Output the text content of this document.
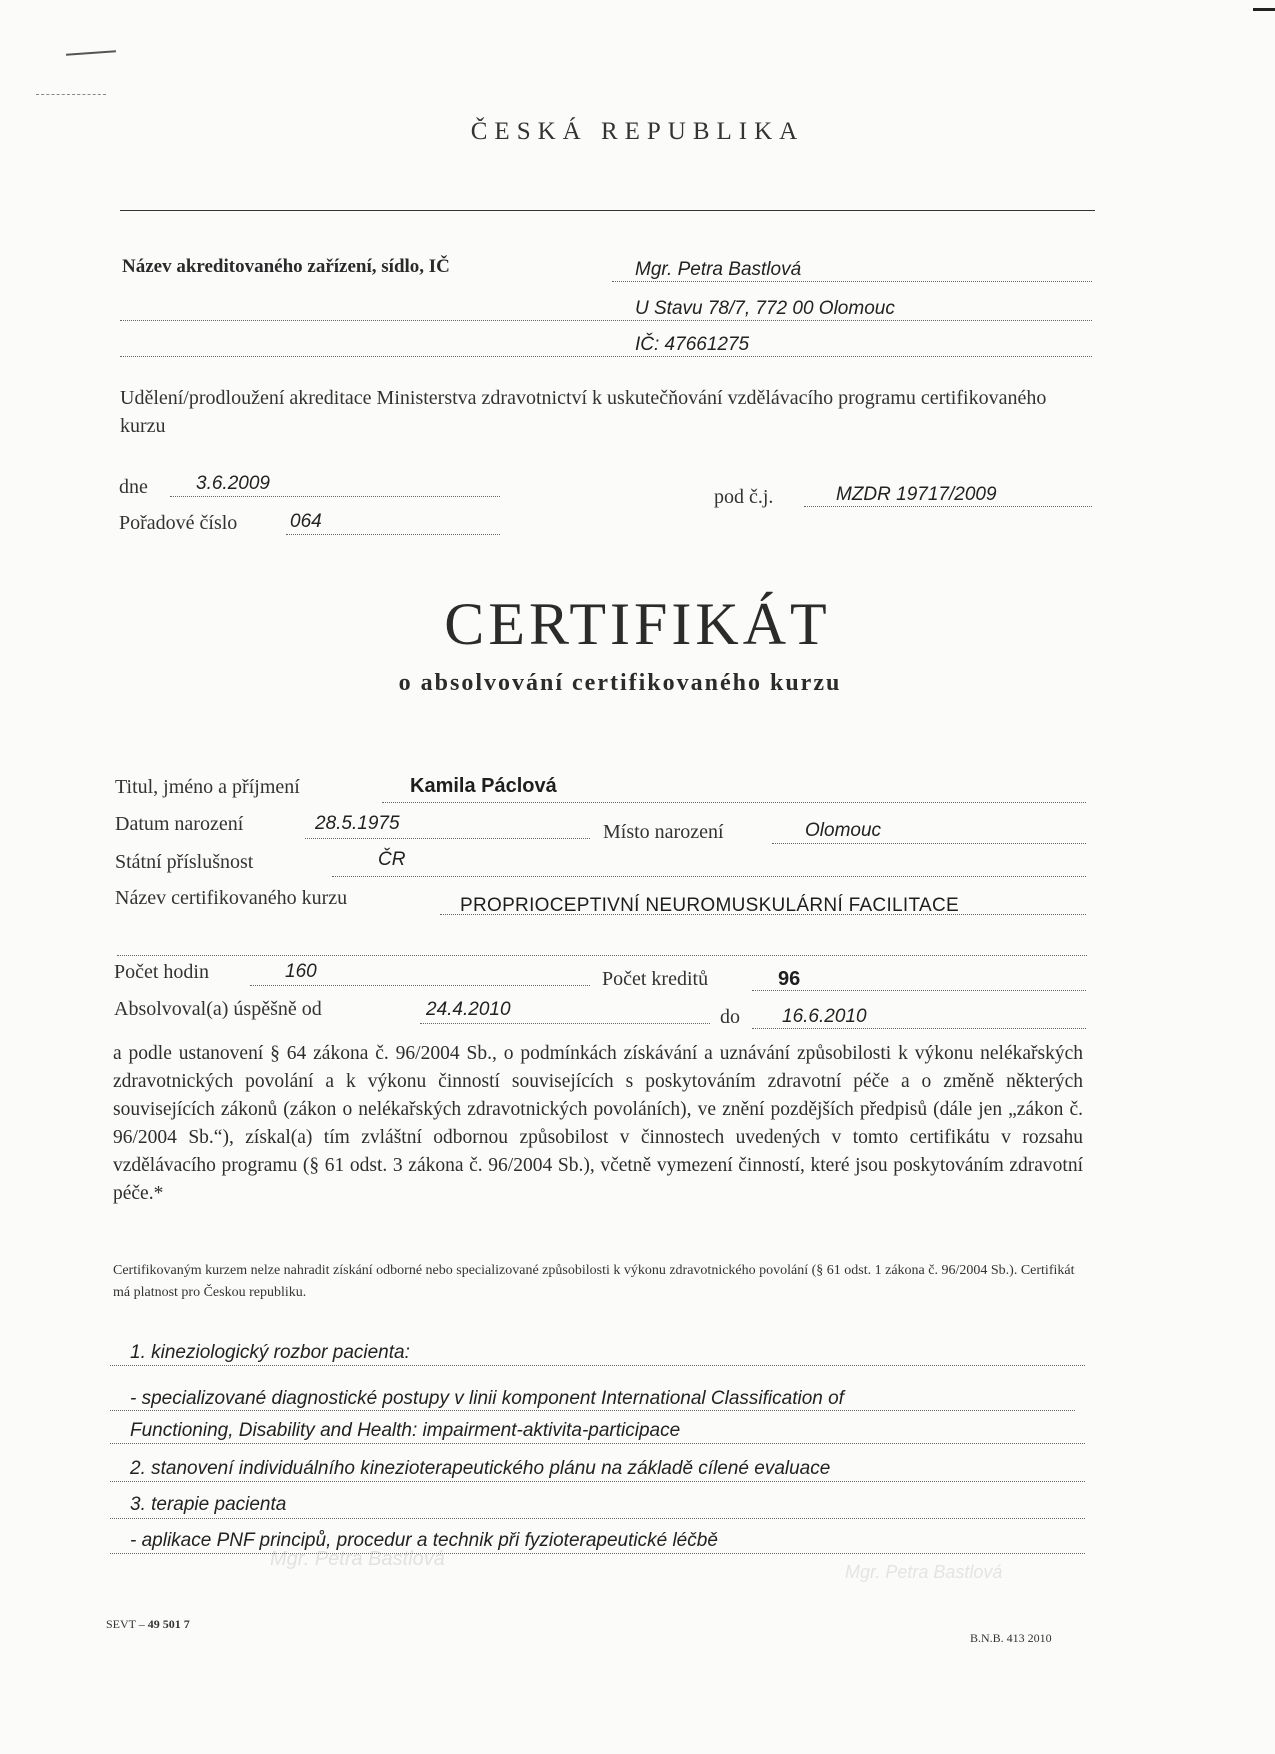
Mgr. Petra Bastlová
Mgr. Petra Bastlová
ČESKÁ REPUBLIKA
Název akreditovaného zařízení, sídlo, IČ	Mgr. Petra Bastlová
U Stavu 78/7, 772 00 Olomouc
IČ: 47661275
Udělení/prodloužení akreditace Ministerstva zdravotnictví k uskutečňování vzdělávacího programu certifikovaného kurzu
dne	3.6.2009
pod č.j.	MZDR 19717/2009
Pořadové číslo	064
CERTIFIKÁT
o absolvování certifikovaného kurzu
Titul, jméno a příjmení	Kamila Páclová
Datum narození	28.5.1975	Místo narození	Olomouc
Státní příslušnost	ČR
Název certifikovaného kurzu	PROPRIOCEPTIVNÍ NEUROMUSKULÁRNÍ FACILITACE
Počet hodin	160	Počet kreditů	96
Absolvoval(a) úspěšně od	24.4.2010	do 16.6.2010
a podle ustanovení § 64 zákona č. 96/2004 Sb., o podmínkách získávání a uznávání způsobilosti k výkonu nelékařských zdravotnických povolání a k výkonu činností souvisejících s poskytováním zdravotní péče a o změně některých souvisejících zákonů (zákon o nelékařských zdravotnických povoláních), ve znění pozdějších předpisů (dále jen „zákon č. 96/2004 Sb.“), získal(a) tím zvláštní odbornou způsobilost v činnostech uvedených v tomto certifikátu v rozsahu vzdělávacího programu (§ 61 odst. 3 zákona č. 96/2004 Sb.), včetně vymezení činností, které jsou poskytováním zdravotní péče.*
Certifikovaným kurzem nelze nahradit získání odborné nebo specializované způsobilosti k výkonu zdravotnického povolání (§ 61 odst. 1 zákona č. 96/2004 Sb.). Certifikát má platnost pro Českou republiku.
1. kineziologický rozbor pacienta:
- specializované diagnostické postupy v linii komponent International Classification of
Functioning, Disability and Health: impairment-aktivita-participace
2. stanovení individuálního kinezioterapeutického plánu na základě cílené evaluace
3. terapie pacienta
- aplikace PNF principů, procedur a technik při fyzioterapeutické léčbě
SEVT – 49 501 7
B.N.B. 413 2010
